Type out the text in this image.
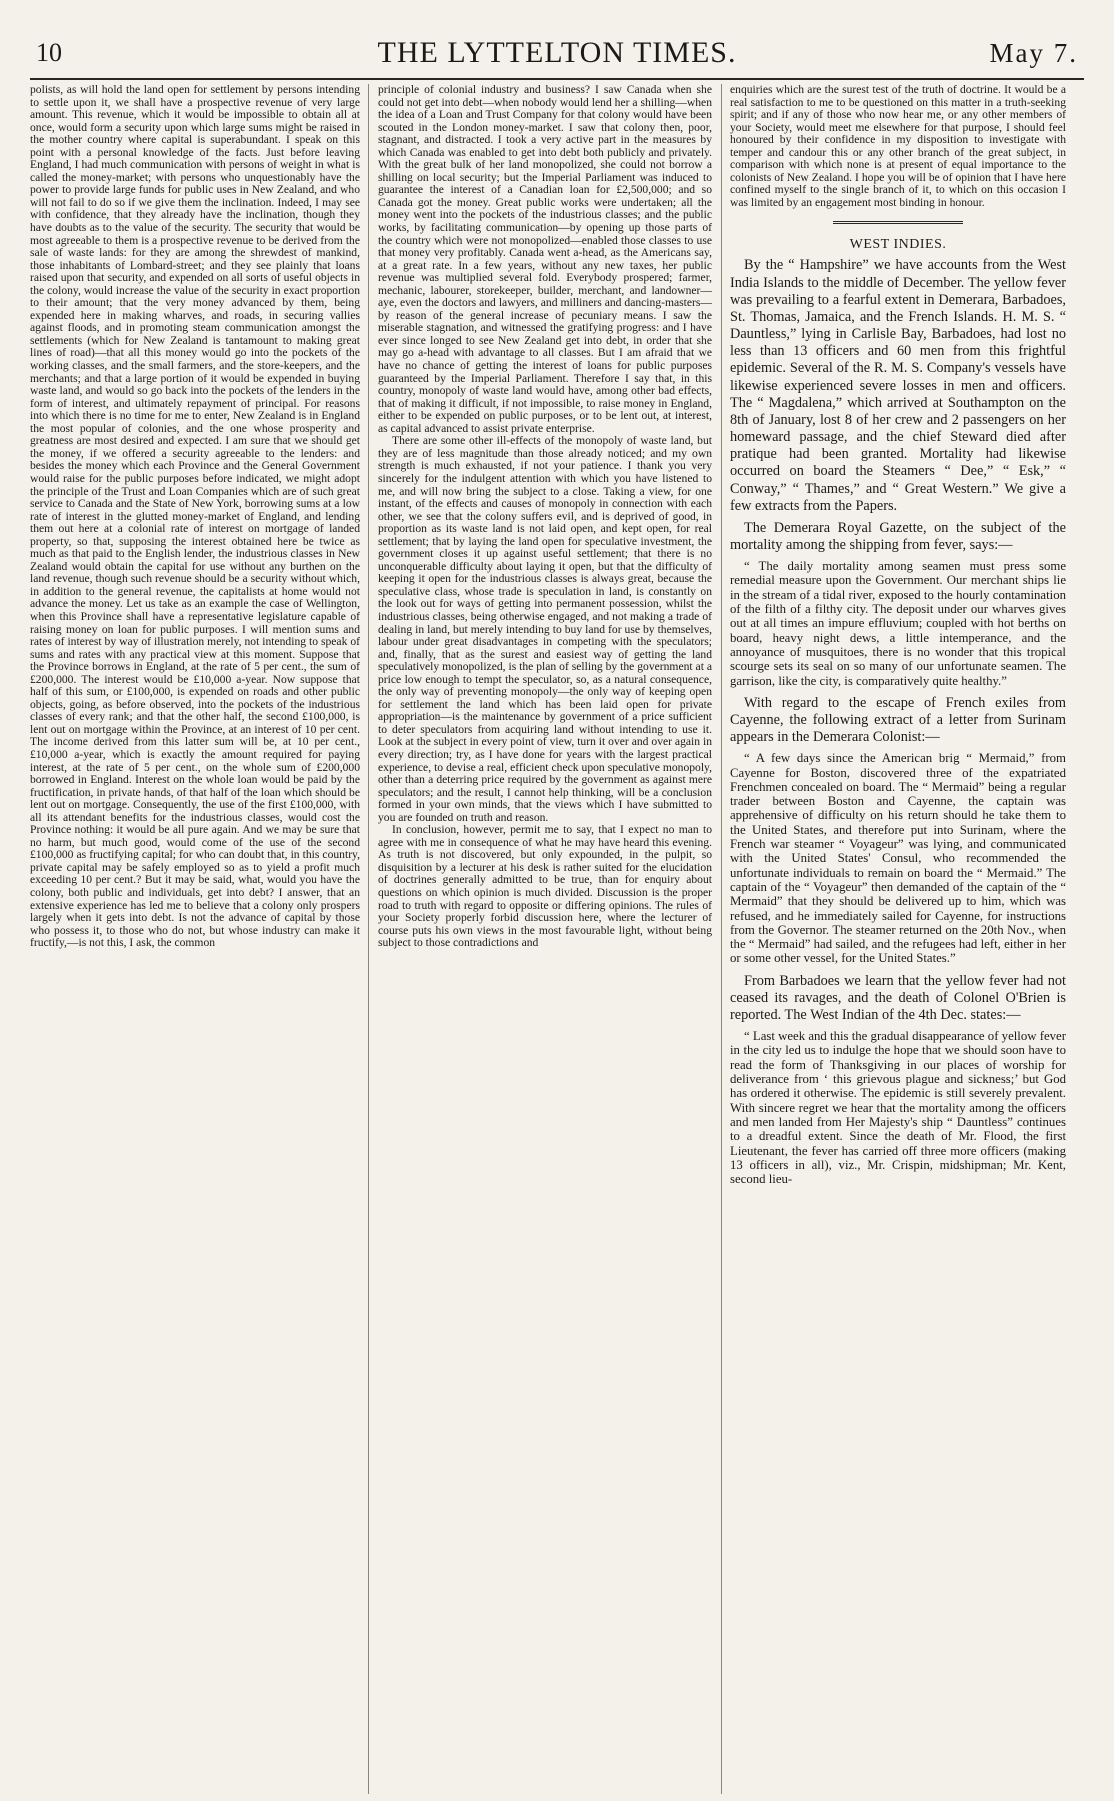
10	THE LYTTELTON TIMES.	May 7.

polists, as will hold the land open for settlement by persons intending to settle upon it, we shall have a prospective revenue of very large amount. This revenue, which it would be impossible to obtain all at once, would form a security upon which large sums might be raised in the mother country where capital is superabundant. I speak on this point with a personal knowledge of the facts. Just before leaving England, I had much communication with persons of weight in what is called the money-market; with persons who unquestionably have the power to provide large funds for public uses in New Zealand, and who will not fail to do so if we give them the inclination. Indeed, I may see with confidence, that they already have the inclination, though they have doubts as to the value of the security. The security that would be most agreeable to them is a prospective revenue to be derived from the sale of waste lands: for they are among the shrewdest of mankind, those inhabitants of Lombard-street; and they see plainly that loans raised upon that security, and expended on all sorts of useful objects in the colony, would increase the value of the security in exact proportion to their amount; that the very money advanced by them, being expended here in making wharves, and roads, in securing vallies against floods, and in promoting steam communication amongst the settlements (which for New Zealand is tantamount to making great lines of road)—that all this money would go into the pockets of the working classes, and the small farmers, and the store-keepers, and the merchants; and that a large portion of it would be expended in buying waste land, and would so go back into the pockets of the lenders in the form of interest, and ultimately repayment of principal. For reasons into which there is no time for me to enter, New Zealand is in England the most popular of colonies, and the one whose prosperity and greatness are most desired and expected. I am sure that we should get the money, if we offered a security agreeable to the lenders: and besides the money which each Province and the General Government would raise for the public purposes before indicated, we might adopt the principle of the Trust and Loan Companies which are of such great service to Canada and the State of New York, borrowing sums at a low rate of interest in the glutted money-market of England, and lending them out here at a colonial rate of interest on mortgage of landed property, so that, supposing the interest obtained here be twice as much as that paid to the English lender, the industrious classes in New Zealand would obtain the capital for use without any burthen on the land revenue, though such revenue should be a security without which, in addition to the general revenue, the capitalists at home would not advance the money. Let us take as an example the case of Wellington, when this Province shall have a representative legislature capable of raising money on loan for public purposes. I will mention sums and rates of interest by way of illustration merely, not intending to speak of sums and rates with any practical view at this moment. Suppose that the Province borrows in England, at the rate of 5 per cent., the sum of £200,000. The interest would be £10,000 a-year. Now suppose that half of this sum, or £100,000, is expended on roads and other public objects, going, as before observed, into the pockets of the industrious classes of every rank; and that the other half, the second £100,000, is lent out on mortgage within the Province, at an interest of 10 per cent. The income derived from this latter sum will be, at 10 per cent., £10,000 a-year, which is exactly the amount required for paying interest, at the rate of 5 per cent., on the whole sum of £200,000 borrowed in England. Interest on the whole loan would be paid by the fructification, in private hands, of that half of the loan which should be lent out on mortgage. Consequently, the use of the first £100,000, with all its attendant benefits for the industrious classes, would cost the Province nothing: it would be all pure again. And we may be sure that no harm, but much good, would come of the use of the second £100,000 as fructifying capital; for who can doubt that, in this country, private capital may be safely employed so as to yield a profit much exceeding 10 per cent.? But it may be said, what, would you have the colony, both public and individuals, get into debt? I answer, that an extensive experience has led me to believe that a colony only prospers largely when it gets into debt. Is not the advance of capital by those who possess it, to those who do not, but whose industry can make it fructify,—is not this, I ask, the common

principle of colonial industry and business? I saw Canada when she could not get into debt—when nobody would lend her a shilling—when the idea of a Loan and Trust Company for that colony would have been scouted in the London money-market. I saw that colony then, poor, stagnant, and distracted. I took a very active part in the measures by which Canada was enabled to get into debt both publicly and privately. With the great bulk of her land monopolized, she could not borrow a shilling on local security; but the Imperial Parliament was induced to guarantee the interest of a Canadian loan for £2,500,000; and so Canada got the money. Great public works were undertaken; all the money went into the pockets of the industrious classes; and the public works, by facilitating communication—by opening up those parts of the country which were not monopolized—enabled those classes to use that money very profitably. Canada went a-head, as the Americans say, at a great rate. In a few years, without any new taxes, her public revenue was multiplied several fold. Everybody prospered; farmer, mechanic, labourer, storekeeper, builder, merchant, and landowner—aye, even the doctors and lawyers, and milliners and dancing-masters—by reason of the general increase of pecuniary means. I saw the miserable stagnation, and witnessed the gratifying progress: and I have ever since longed to see New Zealand get into debt, in order that she may go a-head with advantage to all classes. But I am afraid that we have no chance of getting the interest of loans for public purposes guaranteed by the Imperial Parliament. Therefore I say that, in this country, monopoly of waste land would have, among other bad effects, that of making it difficult, if not impossible, to raise money in England, either to be expended on public purposes, or to be lent out, at interest, as capital advanced to assist private enterprise.

There are some other ill-effects of the monopoly of waste land, but they are of less magnitude than those already noticed; and my own strength is much exhausted, if not your patience. I thank you very sincerely for the indulgent attention with which you have listened to me, and will now bring the subject to a close. Taking a view, for one instant, of the effects and causes of monopoly in connection with each other, we see that the colony suffers evil, and is deprived of good, in proportion as its waste land is not laid open, and kept open, for real settlement; that by laying the land open for speculative investment, the government closes it up against useful settlement; that there is no unconquerable difficulty about laying it open, but that the difficulty of keeping it open for the industrious classes is always great, because the speculative class, whose trade is speculation in land, is constantly on the look out for ways of getting into permanent possession, whilst the industrious classes, being otherwise engaged, and not making a trade of dealing in land, but merely intending to buy land for use by themselves, labour under great disadvantages in competing with the speculators; and, finally, that as the surest and easiest way of getting the land speculatively monopolized, is the plan of selling by the government at a price low enough to tempt the speculator, so, as a natural consequence, the only way of preventing monopoly—the only way of keeping open for settlement the land which has been laid open for private appropriation—is the maintenance by government of a price sufficient to deter speculators from acquiring land without intending to use it. Look at the subject in every point of view, turn it over and over again in every direction; try, as I have done for years with the largest practical experience, to devise a real, efficient check upon speculative monopoly, other than a deterring price required by the government as against mere speculators; and the result, I cannot help thinking, will be a conclusion formed in your own minds, that the views which I have submitted to you are founded on truth and reason.

In conclusion, however, permit me to say, that I expect no man to agree with me in consequence of what he may have heard this evening. As truth is not discovered, but only expounded, in the pulpit, so disquisition by a lecturer at his desk is rather suited for the elucidation of doctrines generally admitted to be true, than for enquiry about questions on which opinion is much divided. Discussion is the proper road to truth with regard to opposite or differing opinions. The rules of your Society properly forbid discussion here, where the lecturer of course puts his own views in the most favourable light, without being subject to those contradictions and

enquiries which are the surest test of the truth of doctrine. It would be a real satisfaction to me to be questioned on this matter in a truth-seeking spirit; and if any of those who now hear me, or any other members of your Society, would meet me elsewhere for that purpose, I should feel honoured by their confidence in my disposition to investigate with temper and candour this or any other branch of the great subject, in comparison with which none is at present of equal importance to the colonists of New Zealand. I hope you will be of opinion that I have here confined myself to the single branch of it, to which on this occasion I was limited by an engagement most binding in honour.

WEST INDIES.

By the “ Hampshire” we have accounts from the West India Islands to the middle of December. The yellow fever was prevailing to a fearful extent in Demerara, Barbadoes, St. Thomas, Jamaica, and the French Islands. H. M. S. “ Dauntless,” lying in Carlisle Bay, Barbadoes, had lost no less than 13 officers and 60 men from this frightful epidemic. Several of the R. M. S. Company's vessels have likewise experienced severe losses in men and officers. The “ Magdalena,” which arrived at Southampton on the 8th of January, lost 8 of her crew and 2 passengers on her homeward passage, and the chief Steward died after pratique had been granted. Mortality had likewise occurred on board the Steamers “ Dee,” “ Esk,” “ Conway,” “ Thames,” and “ Great Western.” We give a few extracts from the Papers.

The Demerara Royal Gazette, on the subject of the mortality among the shipping from fever, says:—

“ The daily mortality among seamen must press some remedial measure upon the Government. Our merchant ships lie in the stream of a tidal river, exposed to the hourly contamination of the filth of a filthy city. The deposit under our wharves gives out at all times an impure effluvium; coupled with hot berths on board, heavy night dews, a little intemperance, and the annoyance of musquitoes, there is no wonder that this tropical scourge sets its seal on so many of our unfortunate seamen. The garrison, like the city, is comparatively quite healthy.”

With regard to the escape of French exiles from Cayenne, the following extract of a letter from Surinam appears in the Demerara Colonist:—

“ A few days since the American brig “ Mermaid,” from Cayenne for Boston, discovered three of the expatriated Frenchmen concealed on board. The “ Mermaid” being a regular trader between Boston and Cayenne, the captain was apprehensive of difficulty on his return should he take them to the United States, and therefore put into Surinam, where the French war steamer “ Voyageur” was lying, and communicated with the United States' Consul, who recommended the unfortunate individuals to remain on board the “ Mermaid.” The captain of the “ Voyageur” then demanded of the captain of the “ Mermaid” that they should be delivered up to him, which was refused, and he immediately sailed for Cayenne, for instructions from the Governor. The steamer returned on the 20th Nov., when the “ Mermaid” had sailed, and the refugees had left, either in her or some other vessel, for the United States.”

From Barbadoes we learn that the yellow fever had not ceased its ravages, and the death of Colonel O'Brien is reported. The West Indian of the 4th Dec. states:—

“ Last week and this the gradual disappearance of yellow fever in the city led us to indulge the hope that we should soon have to read the form of Thanksgiving in our places of worship for deliverance from ‘ this grievous plague and sickness;’ but God has ordered it otherwise. The epidemic is still severely prevalent. With sincere regret we hear that the mortality among the officers and men landed from Her Majesty's ship “ Dauntless” continues to a dreadful extent. Since the death of Mr. Flood, the first Lieutenant, the fever has carried off three more officers (making 13 officers in all), viz., Mr. Crispin, midshipman; Mr. Kent, second lieu-
